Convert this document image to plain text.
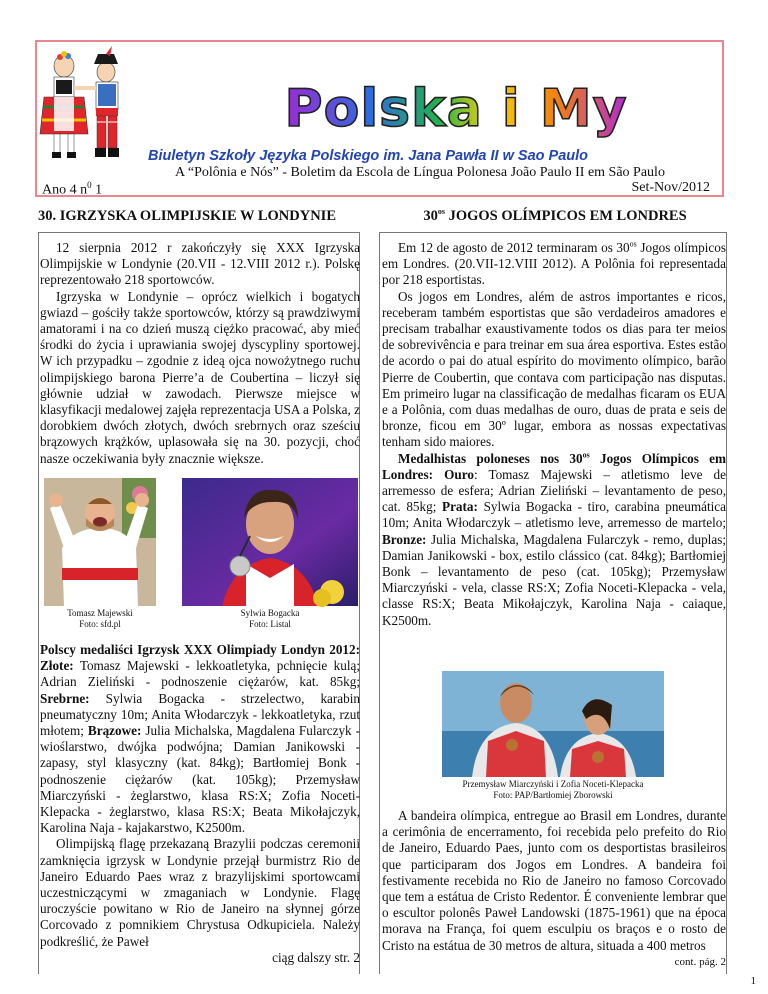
Polska i My
Biuletyn Szkoły Języka Polskiego im. Jana Pawła II w Sao Paulo
A “Polônia e Nós” - Boletim da Escola de Língua Polonesa João Paulo II em São Paulo
Ano 4 $n^0$ 1	Set-Nov/2012
30. IGRZYSKA OLIMPIJSKIE W LONDYNIE	$30^{os}$ JOGOS OLÍMPICOS EM LONDRES

12 sierpnia 2012 r zakończyły się XXX Igrzyska Olimpijskie w Londynie (20.VII - 12.VIII 2012 r.). Polskę reprezentowało 218 sportowców.

Igrzyska w Londynie – oprócz wielkich i bogatych gwiazd – gościły także sportowców, którzy są prawdziwymi amatorami i na co dzień muszą ciężko pracować, aby mieć środki do życia i uprawiania swojej dyscypliny sportowej. W ich przypadku – zgodnie z ideą ojca nowożytnego ruchu olimpijskiego barona Pierre’a de Coubertina – liczył się głównie udział w zawodach. Pierwsze miejsce w klasyfikacji medalowej zajęła reprezentacja USA a Polska, z dorobkiem dwóch złotych, dwóch srebrnych oraz sześciu brązowych krążków, uplasowała się na 30. pozycji, choć nasze oczekiwania były znacznie większe.

Tomasz Majewski
Foto: sfd.pl
Sylwia Bogacka
Foto: Listal

Polscy medaliści Igrzysk XXX Olimpiady Londyn 2012: Złote: Tomasz Majewski - lekkoatletyka, pchnięcie kulą; Adrian Zieliński - podnoszenie ciężarów, kat. 85kg; Srebrne: Sylwia Bogacka - strzelectwo, karabin pneumatyczny 10m; Anita Włodarczyk - lekkoatletyka, rzut młotem; Brązowe: Julia Michalska, Magdalena Fularczyk - wioślarstwo, dwójka podwójna; Damian Janikowski - zapasy, styl klasyczny (kat. 84kg); Bartłomiej Bonk - podnoszenie ciężarów (kat. 105kg); Przemysław Miarczyński - żeglarstwo, klasa RS:X; Zofia Noceti-Klepacka - żeglarstwo, klasa RS:X; Beata Mikołajczyk, Karolina Naja - kajakarstwo, K2500m.

Olimpijską flagę przekazaną Brazylii podczas ceremonii zamknięcia igrzysk w Londynie przejął burmistrz Rio de Janeiro Eduardo Paes wraz z brazylijskimi sportowcami uczestniczącymi w zmaganiach w Londynie. Flagę uroczyście powitano w Rio de Janeiro na słynnej górze Corcovado z pomnikiem Chrystusa Odkupiciela. Należy podkreślić, że Paweł

ciąg dalszy str. 2

Em 12 de agosto de 2012 terminaram os $30^{os}$ Jogos olímpicos em Londres. (20.VII-12.VIII 2012). A Polônia foi representada por 218 esportistas.

Os jogos em Londres, além de astros importantes e ricos, receberam também esportistas que são verdadeiros amadores e precisam trabalhar exaustivamente todos os dias para ter meios de sobrevivência e para treinar em sua área esportiva. Estes estão de acordo o pai do atual espírito do movimento olímpico, barão Pierre de Coubertin, que contava com participação nas disputas. Em primeiro lugar na classificação de medalhas ficaram os EUA e a Polônia, com duas medalhas de ouro, duas de prata e seis de bronze, ficou em 30º lugar, embora as nossas expectativas tenham sido maiores.

Medalhistas poloneses nos $30^{os}$ Jogos Olímpicos em Londres: Ouro: Tomasz Majewski – atletismo leve de arremesso de esfera; Adrian Zieliński – levantamento de peso, cat. 85kg; Prata: Sylwia Bogacka - tiro, carabina pneumática 10m; Anita Włodarczyk – atletismo leve, arremesso de martelo; Bronze: Julia Michalska, Magdalena Fularczyk - remo, duplas; Damian Janikowski - box, estilo clássico (cat. 84kg); Bartłomiej Bonk – levantamento de peso (cat. 105kg); Przemysław Miarczyński - vela, classe RS:X; Zofia Noceti-Klepacka - vela, classe RS:X; Beata Mikołajczyk, Karolina Naja - caiaque, K2500m.

Przemysław Miarczyński i Zofia Noceti-Klepacka
Foto: PAP/Bartłomiej Zborowski

A bandeira olímpica, entregue ao Brasil em Londres, durante a cerimônia de encerramento, foi recebida pelo prefeito do Rio de Janeiro, Eduardo Paes, junto com os desportistas brasileiros que participaram dos Jogos em Londres. A bandeira foi festivamente recebida no Rio de Janeiro no famoso Corcovado que tem a estátua de Cristo Redentor. É conveniente lembrar que o escultor polonês Paweł Landowski (1875-1961) que na época morava na França, foi quem esculpiu os braços e o rosto de Cristo na estátua de 30 metros de altura, situada a 400 metros

cont. pág. 2

1
